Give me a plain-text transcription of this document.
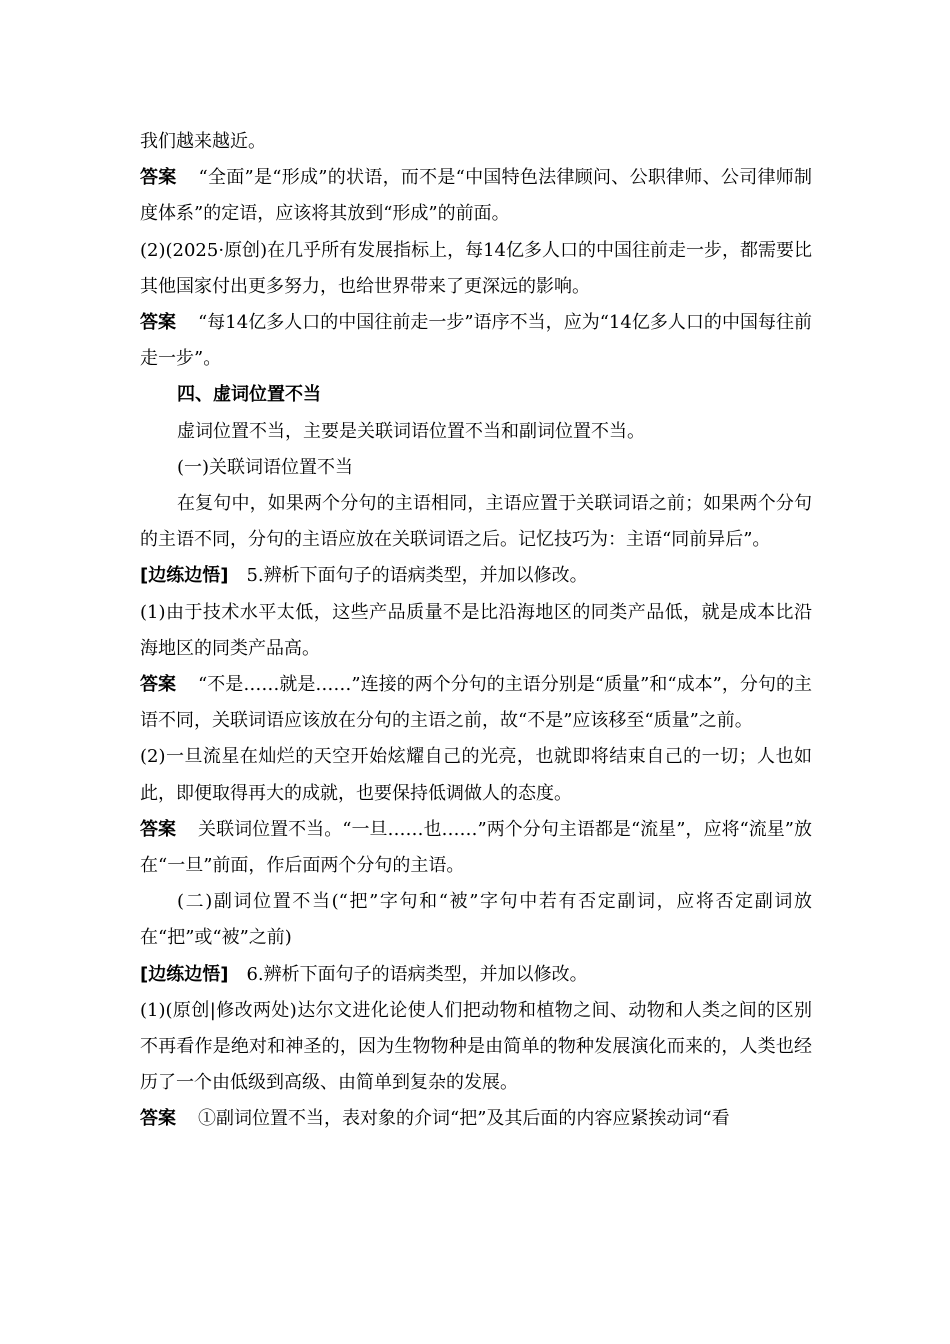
我们越来越近。

答案 “全面”是“形成”的状语，而不是“中国特色法律顾问、公职律师、公司律师制度体系”的定语，应该将其放到“形成”的前面。

(2)(2025·原创)在几乎所有发展指标上，每14亿多人口的中国往前走一步，都需要比其他国家付出更多努力，也给世界带来了更深远的影响。

答案 “每14亿多人口的中国往前走一步”语序不当，应为“14亿多人口的中国每往前走一步”。

四、虚词位置不当

虚词位置不当，主要是关联词语位置不当和副词位置不当。

(一)关联词语位置不当

在复句中，如果两个分句的主语相同，主语应置于关联词语之前；如果两个分句的主语不同，分句的主语应放在关联词语之后。记忆技巧为：主语“同前异后”。

[边练边悟] 5.辨析下面句子的语病类型，并加以修改。

(1)由于技术水平太低，这些产品质量不是比沿海地区的同类产品低，就是成本比沿海地区的同类产品高。

答案 “不是……就是……”连接的两个分句的主语分别是“质量”和“成本”，分句的主语不同，关联词语应该放在分句的主语之前，故“不是”应该移至“质量”之前。

(2)一旦流星在灿烂的天空开始炫耀自己的光亮，也就即将结束自己的一切；人也如此，即便取得再大的成就，也要保持低调做人的态度。

答案 关联词位置不当。“一旦……也……”两个分句主语都是“流星”，应将“流星”放在“一旦”前面，作后面两个分句的主语。

(二)副词位置不当(“把”字句和“被”字句中若有否定副词，应将否定副词放在“把”或“被”之前)

[边练边悟] 6.辨析下面句子的语病类型，并加以修改。

(1)(原创|修改两处)达尔文进化论使人们把动物和植物之间、动物和人类之间的区别不再看作是绝对和神圣的，因为生物物种是由简单的物种发展演化而来的，人类也经历了一个由低级到高级、由简单到复杂的发展。

答案 ①副词位置不当，表对象的介词“把”及其后面的内容应紧挨动词“看
